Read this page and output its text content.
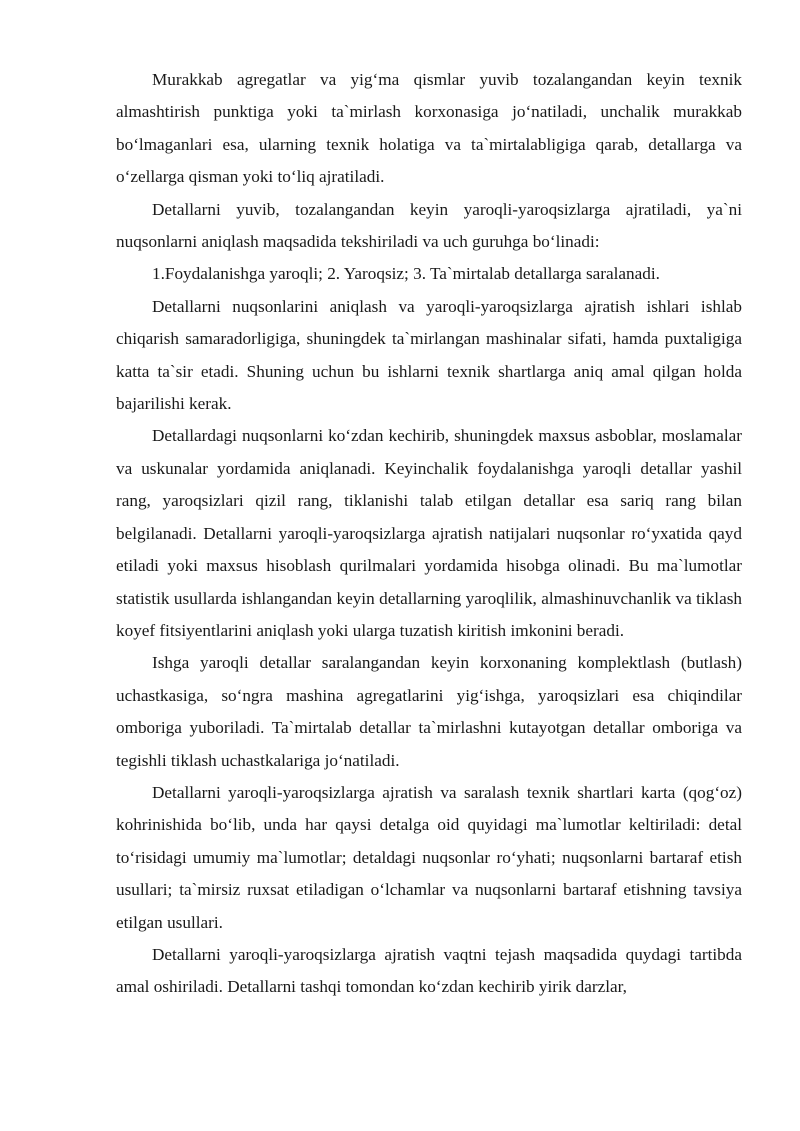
Murakkab agregatlar va yig‘ma qismlar yuvib tozalangandan keyin texnik almashtirish punktiga yoki ta`mirlash korxonasiga jo‘natiladi, unchalik murakkab bo‘lmaganlari esa, ularning texnik holatiga va ta`mirtalabligiga qarab, detallarga va o‘zellarga qisman yoki to‘liq ajratiladi.

Detallarni yuvib, tozalangandan keyin yaroqli-yaroqsizlarga ajratiladi, ya`ni nuqsonlarni aniqlash maqsadida tekshiriladi va uch guruhga bo‘linadi:

1.Foydalanishga yaroqli; 2. Yaroqsiz; 3. Ta`mirtalab detallarga saralanadi.

Detallarni nuqsonlarini aniqlash va yaroqli-yaroqsizlarga ajratish ishlari ishlab chiqarish samaradorligiga, shuningdek ta`mirlangan mashinalar sifati, hamda puxtaligiga katta ta`sir etadi. Shuning uchun bu ishlarni texnik shartlarga aniq amal qilgan holda bajarilishi kerak.

Detallardagi nuqsonlarni ko‘zdan kechirib, shuningdek maxsus asboblar, moslamalar va uskunalar yordamida aniqlanadi. Keyinchalik foydalanishga yaroqli detallar yashil rang, yaroqsizlari qizil rang, tiklanishi talab etilgan detallar esa sariq rang bilan belgilanadi. Detallarni yaroqli-yaroqsizlarga ajratish natijalari nuqsonlar ro‘yxatida qayd etiladi yoki maxsus hisoblash qurilmalari yordamida hisobga olinadi. Bu ma`lumotlar statistik usullarda ishlangandan keyin detallarning yaroqlilik, almashinuvchanlik va tiklash koyef fitsiyentlarini aniqlash yoki ularga tuzatish kiritish imkonini beradi.

Ishga yaroqli detallar saralangandan keyin korxonaning komplektlash (butlash) uchastkasiga, so‘ngra mashina agregatlarini yig‘ishga, yaroqsizlari esa chiqindilar omboriga yuboriladi. Ta`mirtalab detallar ta`mirlashni kutayotgan detallar omboriga va tegishli tiklash uchastkalariga jo‘natiladi.

Detallarni yaroqli-yaroqsizlarga ajratish va saralash texnik shartlari karta (qog‘oz) kohrinishida bo‘lib, unda har qaysi detalga oid quyidagi ma`lumotlar keltiriladi: detal to‘risidagi umumiy ma`lumotlar; detaldagi nuqsonlar ro‘yhati; nuqsonlarni bartaraf etish usullari; ta`mirsiz ruxsat etiladigan o‘lchamlar va nuqsonlarni bartaraf etishning tavsiya etilgan usullari.

Detallarni yaroqli-yaroqsizlarga ajratish vaqtni tejash maqsadida quydagi tartibda amal oshiriladi. Detallarni tashqi tomondan ko‘zdan kechirib yirik darzlar,
